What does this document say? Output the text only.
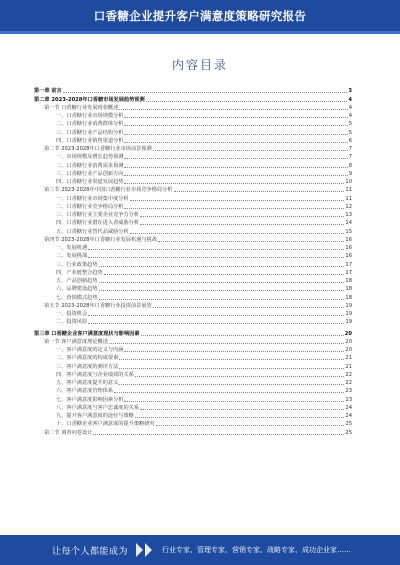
口香糖企业提升客户满意度策略研究报告
内容目录
第一章 前言	3
第二章 2023-2028年口香糖市场发展趋势预测	4
第一节 口香糖行业发展现状概述	4
一、口香糖行业市场规模分析	4
二、口香糖行业消费群体分析	5
三、口香糖行业产品结构分析	5
四、口香糖行业销售渠道分析	6
第二节 2023-2028年口香糖行业市场前景预测	7
一、市场规模及增长趋势预测	7
二、口香糖行业消费需求预测	8
三、口香糖行业产品创新方向	9
四、口香糖行业渠道发展趋势	10
第三节 2023-2028年中国口香糖行业市场竞争格局分析	11
一、口香糖行业市场集中度分析	11
二、口香糖行业竞争格局分析	12
三、口香糖行业主要企业竞争力分析	13
四、口香糖行业潜在进入者威胁分析	14
五、口香糖行业替代品威胁分析	15
第四节 2023-2028年口香糖行业发展机遇与挑战	16
一、发展机遇	16
二、发展挑战	16
三、行业政策趋势	17
四、产业链整合趋势	17
五、产品创新趋势	18
六、品牌建设趋势	18
七、营销模式趋势	18
第五节 2023-2028年口香糖行业投资前景展望	19
一、投资机会	19
二、投资风险	19
第三章 口香糖企业客户满意度现状与影响因素	20
第一节 客户满意度理论概述	20
一、客户满意度的定义与内涵	20
二、客户满意度的构成要素	21
三、客户满意度的测评方法	21
四、客户满意度与企业绩效的关系	22
五、客户满意度提升的意义	22
六、客户满意度管理体系	23
七、客户满意度影响因素分析	23
八、客户满意度与客户忠诚度的关系	24
九、提升客户满意度的途径与策略	24
十、口香糖企业客户满意度的提升策略研究	25
第二节 调查问卷设计	25
让每个人都能成为	行业专家、管理专家、营销专家、战略专家、成功企业家……
